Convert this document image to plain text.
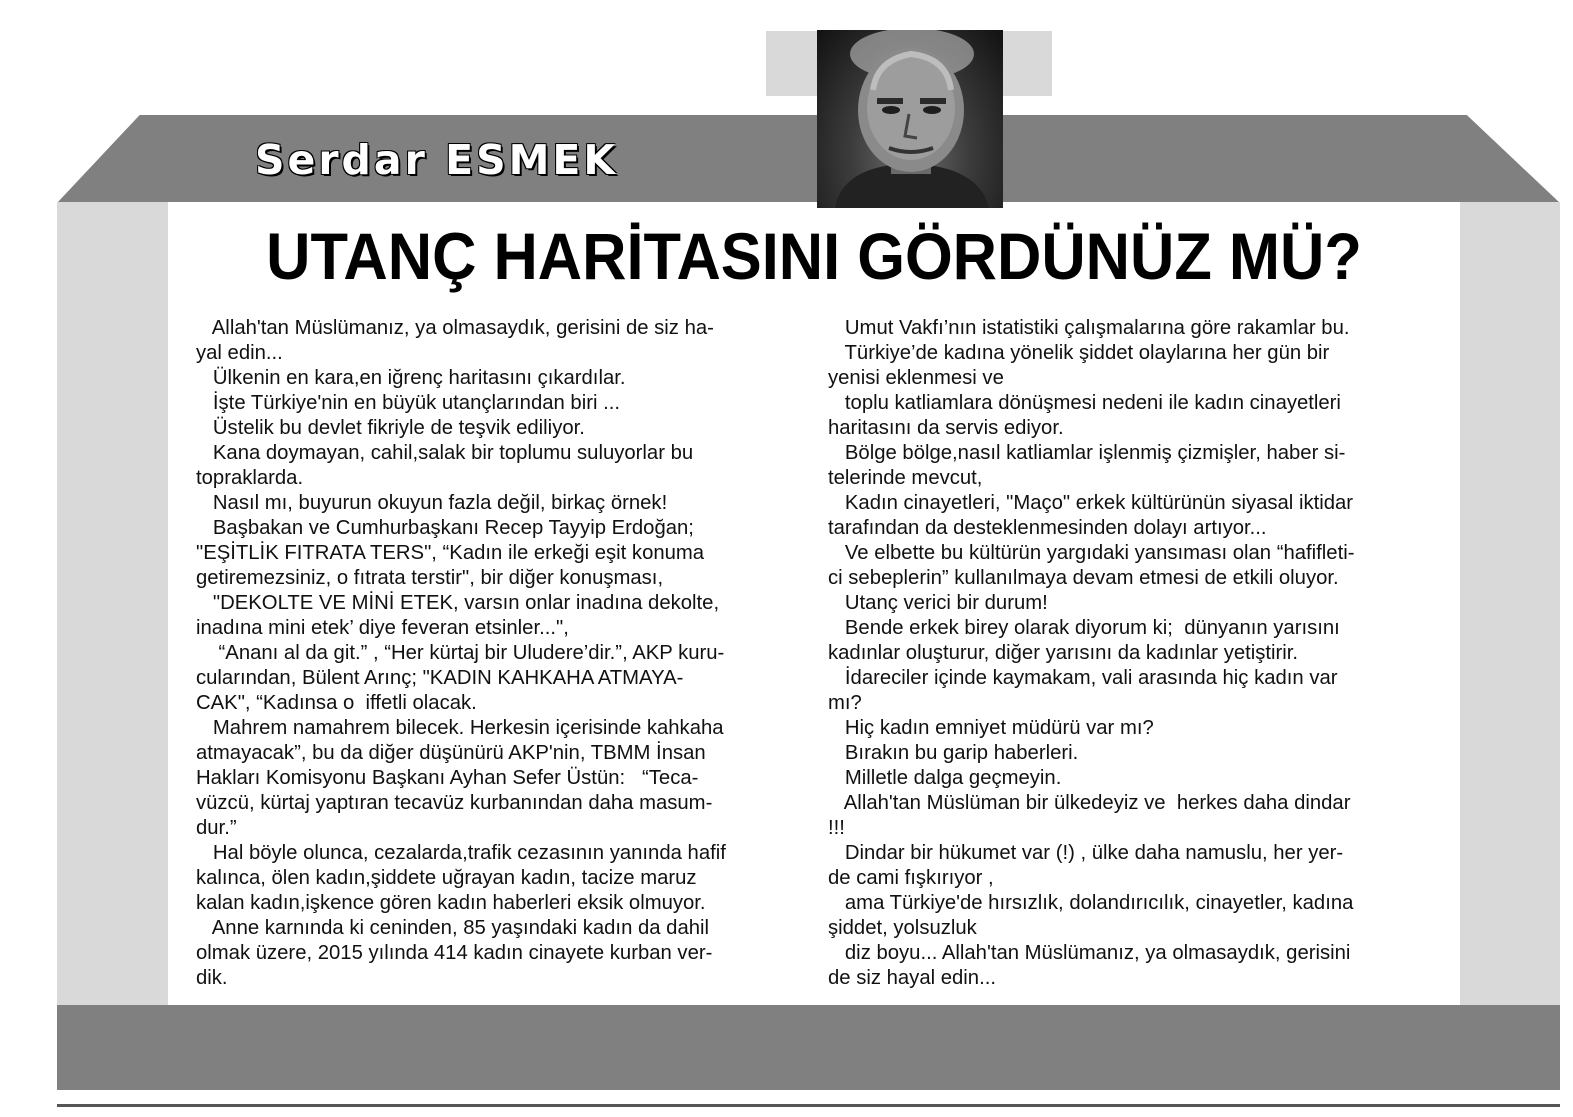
Serdar ESMEK
UTANÇ HARİTASINI GÖRDÜNÜZ MÜ?

Allah'tan Müslümanız, ya olmasaydık, gerisini de siz ha-

yal edin...

Ülkenin en kara,en iğrenç haritasını çıkardılar.

İşte Türkiye'nin en büyük utançlarından biri ...

Üstelik bu devlet fikriyle de teşvik ediliyor.

Kana doymayan, cahil,salak bir toplumu suluyorlar bu

topraklarda.

Nasıl mı, buyurun okuyun fazla değil, birkaç örnek!

Başbakan ve Cumhurbaşkanı Recep Tayyip Erdoğan;

"EŞİTLİK FITRATA TERS", “Kadın ile erkeği eşit konuma

getiremezsiniz, o fıtrata terstir", bir diğer konuşması,

"DEKOLTE VE MİNİ ETEK, varsın onlar inadına dekolte,

inadına mini etek’ diye feveran etsinler...",

“Ananı al da git.” , “Her kürtaj bir Uludere’dir.”, AKP kuru-

cularından, Bülent Arınç; "KADIN KAHKAHA ATMAYA-

CAK", “Kadınsa o  iffetli olacak.

Mahrem namahrem bilecek. Herkesin içerisinde kahkaha

atmayacak”, bu da diğer düşünürü AKP'nin, TBMM İnsan

Hakları Komisyonu Başkanı Ayhan Sefer Üstün:   “Teca-

vüzcü, kürtaj yaptıran tecavüz kurbanından daha masum-

dur.”

Hal böyle olunca, cezalarda,trafik cezasının yanında hafif

kalınca, ölen kadın,şiddete uğrayan kadın, tacize maruz

kalan kadın,işkence gören kadın haberleri eksik olmuyor.

Anne karnında ki ceninden, 85 yaşındaki kadın da dahil

olmak üzere, 2015 yılında 414 kadın cinayete kurban ver-

dik.

Umut Vakfı’nın istatistiki çalışmalarına göre rakamlar bu.

Türkiye’de kadına yönelik şiddet olaylarına her gün bir

yenisi eklenmesi ve

toplu katliamlara dönüşmesi nedeni ile kadın cinayetleri

haritasını da servis ediyor.

Bölge bölge,nasıl katliamlar işlenmiş çizmişler, haber si-

telerinde mevcut,

Kadın cinayetleri, "Maço" erkek kültürünün siyasal iktidar

tarafından da desteklenmesinden dolayı artıyor...

Ve elbette bu kültürün yargıdaki yansıması olan “hafifleti-

ci sebeplerin” kullanılmaya devam etmesi de etkili oluyor.

Utanç verici bir durum!

Bende erkek birey olarak diyorum ki;  dünyanın yarısını

kadınlar oluşturur, diğer yarısını da kadınlar yetiştirir.

İdareciler içinde kaymakam, vali arasında hiç kadın var

mı?

Hiç kadın emniyet müdürü var mı?

Bırakın bu garip haberleri.

Milletle dalga geçmeyin.

Allah'tan Müslüman bir ülkedeyiz ve  herkes daha dindar

!!!

Dindar bir hükumet var (!) , ülke daha namuslu, her yer-

de cami fışkırıyor ,

ama Türkiye'de hırsızlık, dolandırıcılık, cinayetler, kadına

şiddet, yolsuzluk

diz boyu... Allah'tan Müslümanız, ya olmasaydık, gerisini

de siz hayal edin...
